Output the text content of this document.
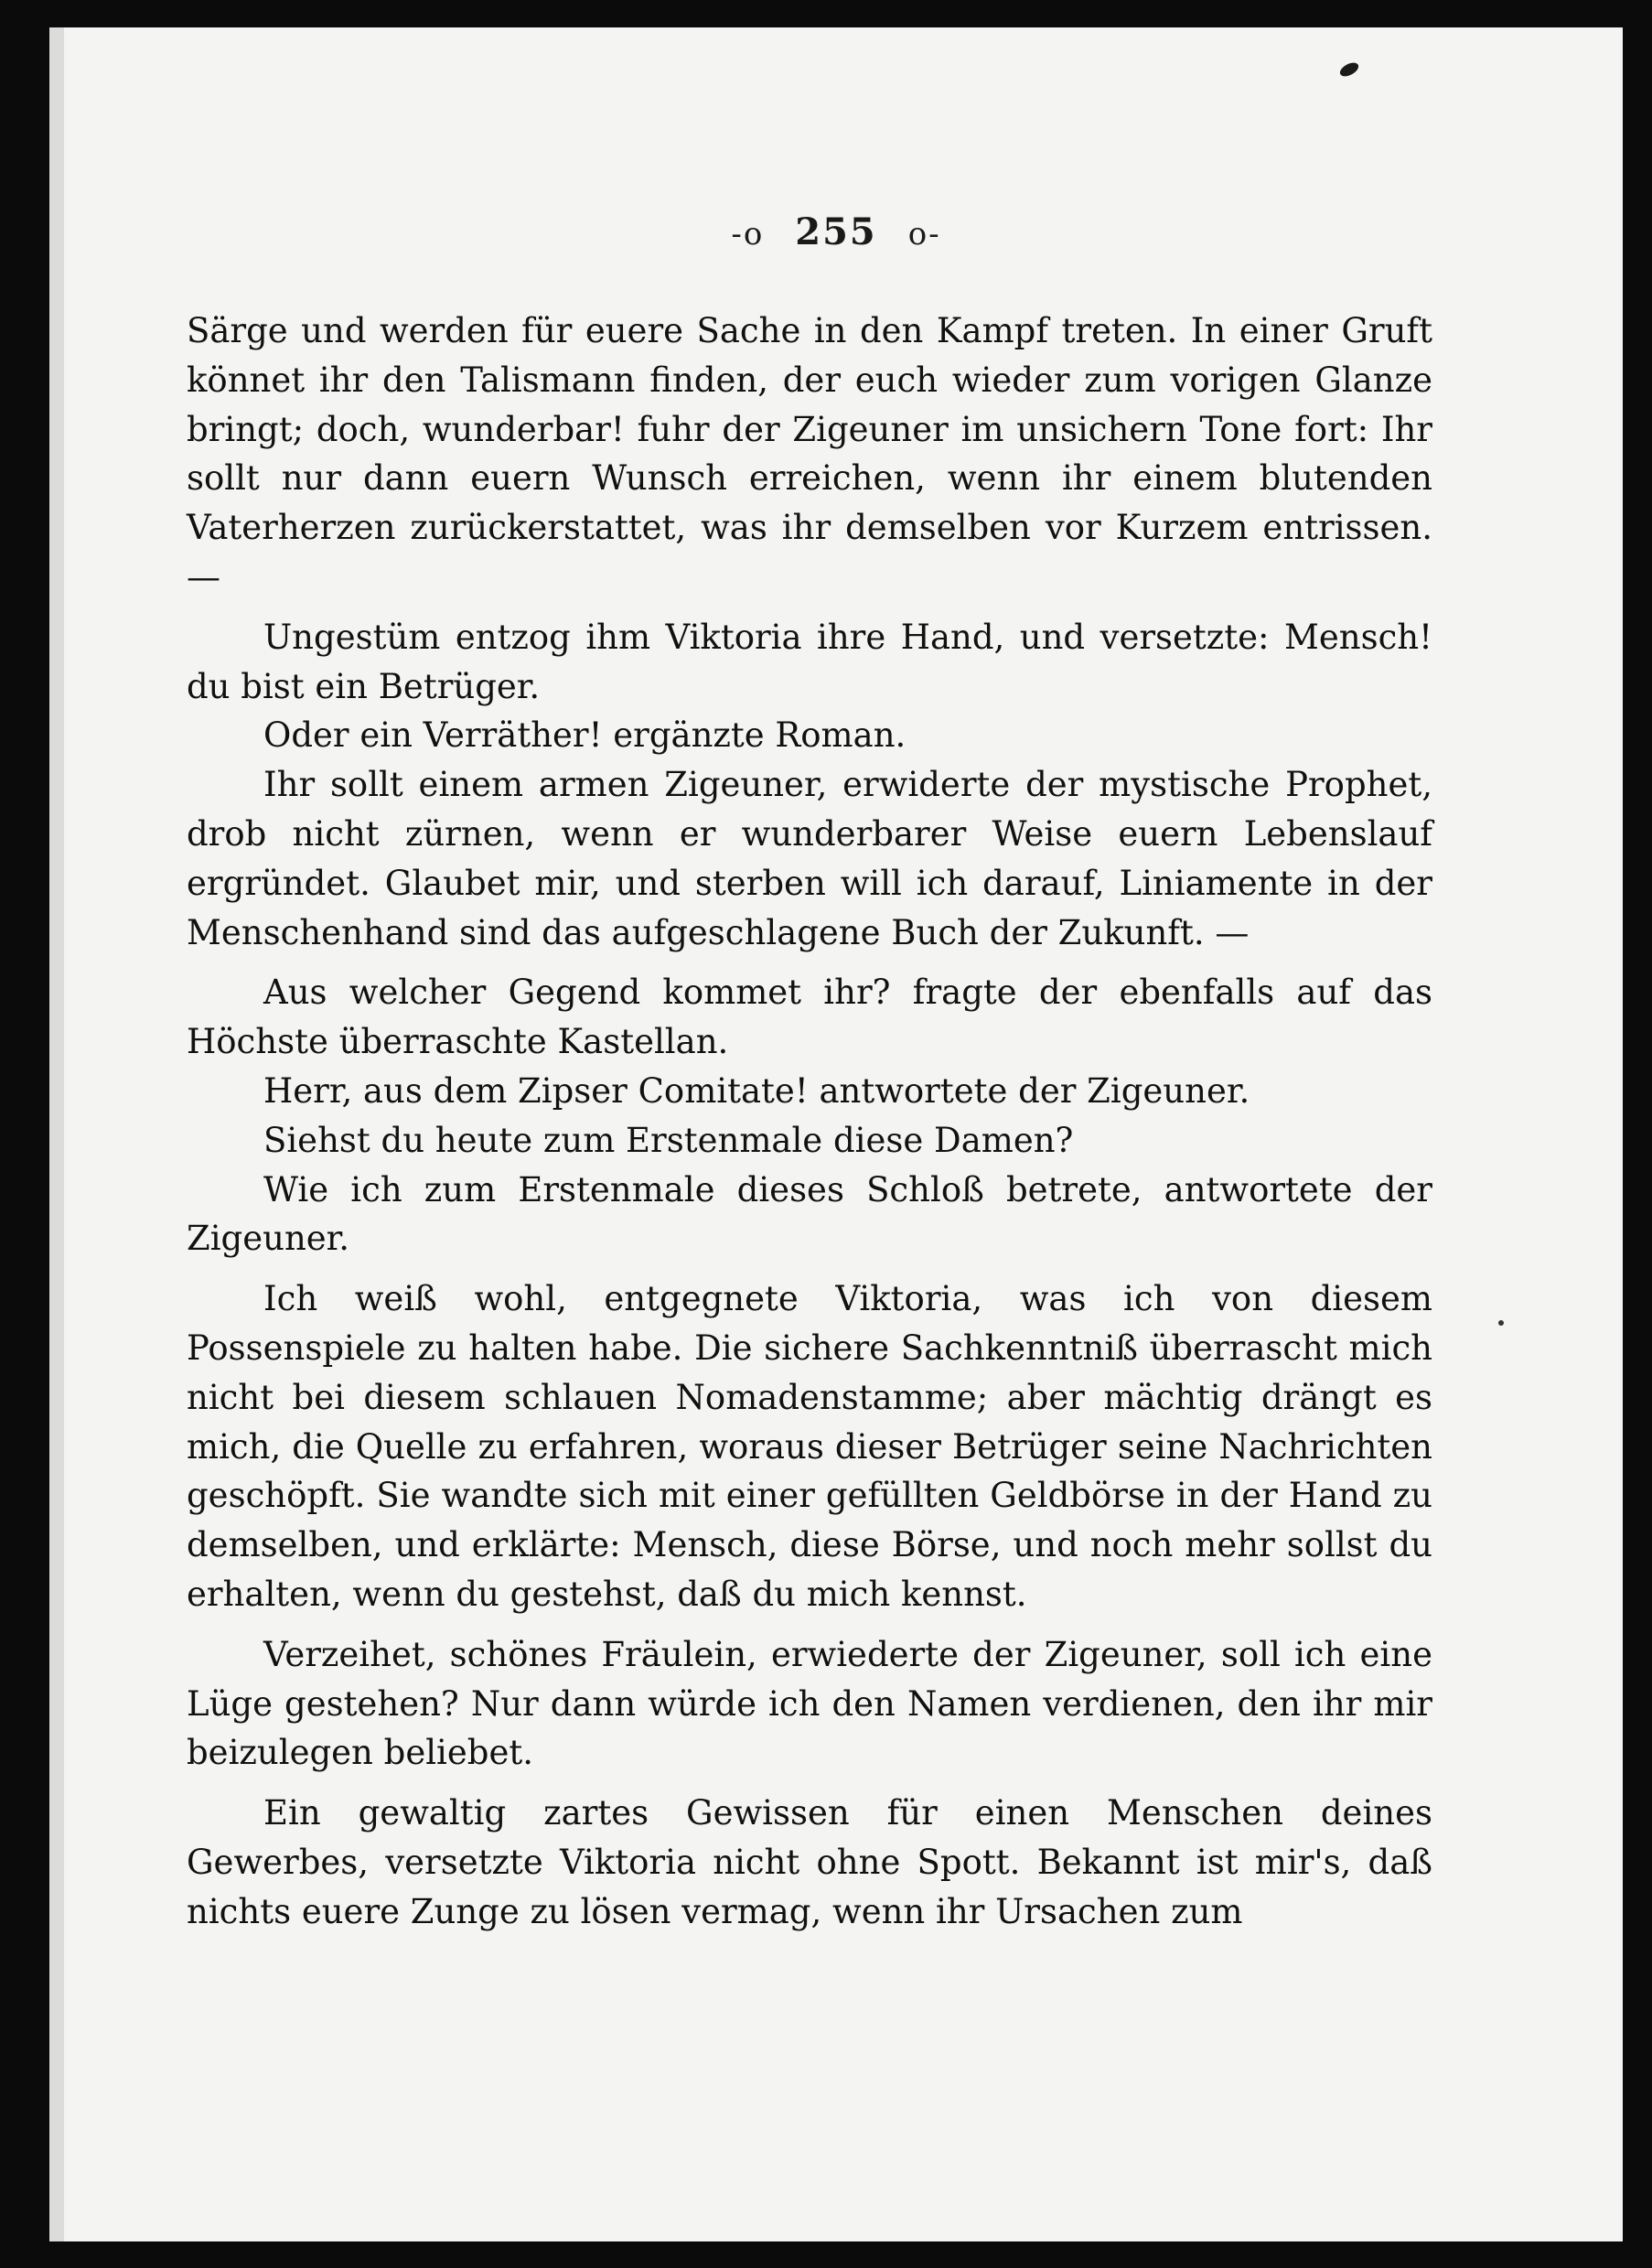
-o 255 o-

Särge und werden für euere Sache in den Kampf treten. In einer Gruft könnet ihr den Talismann finden, der euch wieder zum vorigen Glanze bringt; doch, wunderbar! fuhr der Zigeuner im unsichern Tone fort: Ihr sollt nur dann euern Wunsch erreichen, wenn ihr einem blutenden Vaterherzen zurückerstattet, was ihr demselben vor Kurzem entrissen. —

Ungestüm entzog ihm Viktoria ihre Hand, und versetzte: Mensch! du bist ein Betrüger.

Oder ein Verräther! ergänzte Roman.

Ihr sollt einem armen Zigeuner, erwiderte der mystische Prophet, drob nicht zürnen, wenn er wunderbarer Weise euern Lebenslauf ergründet. Glaubet mir, und sterben will ich darauf, Liniamente in der Menschenhand sind das aufgeschlagene Buch der Zukunft. —

Aus welcher Gegend kommet ihr? fragte der ebenfalls auf das Höchste überraschte Kastellan.

Herr, aus dem Zipser Comitate! antwortete der Zigeuner.

Siehst du heute zum Erstenmale diese Damen?

Wie ich zum Erstenmale dieses Schloß betrete, antwortete der Zigeuner.

Ich weiß wohl, entgegnete Viktoria, was ich von diesem Possenspiele zu halten habe. Die sichere Sachkenntniß überrascht mich nicht bei diesem schlauen Nomadenstamme; aber mächtig drängt es mich, die Quelle zu erfahren, woraus dieser Betrüger seine Nachrichten geschöpft. Sie wandte sich mit einer gefüllten Geldbörse in der Hand zu demselben, und erklärte: Mensch, diese Börse, und noch mehr sollst du erhalten, wenn du gestehst, daß du mich kennst.

Verzeihet, schönes Fräulein, erwiederte der Zigeuner, soll ich eine Lüge gestehen? Nur dann würde ich den Namen verdienen, den ihr mir beizulegen beliebet.

Ein gewaltig zartes Gewissen für einen Menschen deines Gewerbes, versetzte Viktoria nicht ohne Spott. Bekannt ist mir's, daß nichts euere Zunge zu lösen vermag, wenn ihr Ursachen zum
